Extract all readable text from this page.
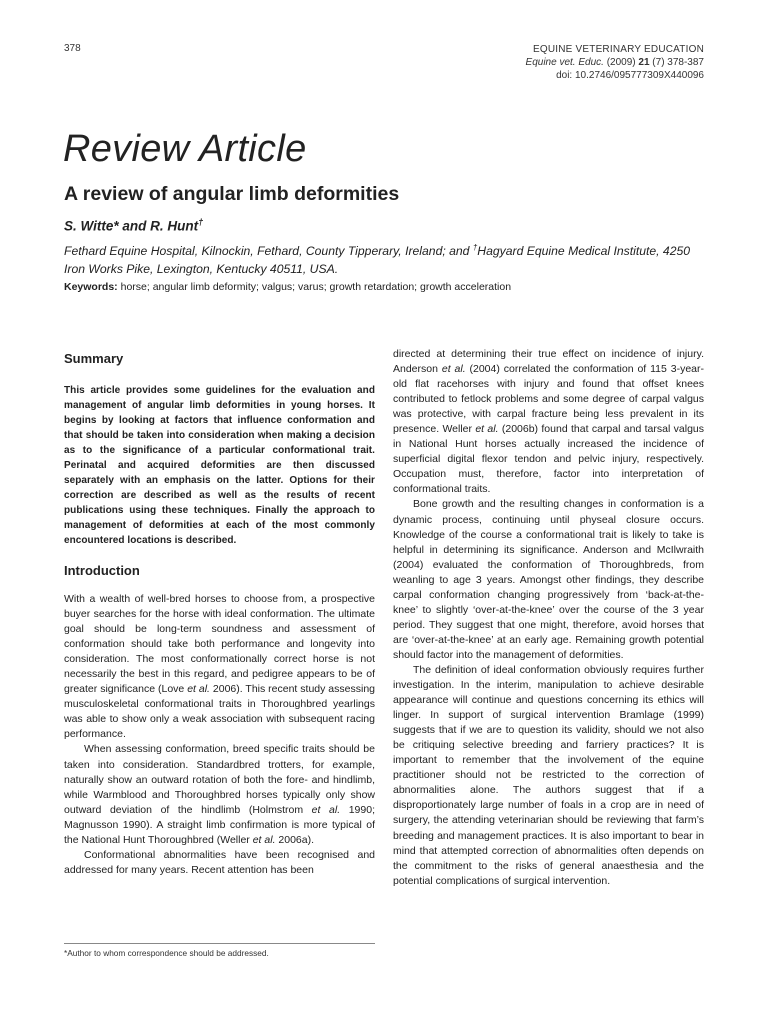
378	EQUINE VETERINARY EDUCATION
Equine vet. Educ. (2009) 21 (7) 378-387
doi: 10.2746/095777309X440096
Review Article
A review of angular limb deformities
S. Witte* and R. Hunt†
Fethard Equine Hospital, Kilnockin, Fethard, County Tipperary, Ireland; and †Hagyard Equine Medical Institute, 4250 Iron Works Pike, Lexington, Kentucky 40511, USA.
Keywords: horse; angular limb deformity; valgus; varus; growth retardation; growth acceleration
Summary

This article provides some guidelines for the evaluation and management of angular limb deformities in young horses. It begins by looking at factors that influence conformation and that should be taken into consideration when making a decision as to the significance of a particular conformational trait. Perinatal and acquired deformities are then discussed separately with an emphasis on the latter. Options for their correction are described as well as the results of recent publications using these techniques. Finally the approach to management of deformities at each of the most commonly encountered locations is described.

Introduction

With a wealth of well-bred horses to choose from, a prospective buyer searches for the horse with ideal conformation. The ultimate goal should be long-term soundness and assessment of conformation should take both performance and longevity into consideration. The most conformationally correct horse is not necessarily the best in this regard, and pedigree appears to be of greater significance (Love et al. 2006). This recent study assessing musculoskeletal conformational traits in Thoroughbred yearlings was able to show only a weak association with subsequent racing performance.

When assessing conformation, breed specific traits should be taken into consideration. Standardbred trotters, for example, naturally show an outward rotation of both the fore- and hindlimb, while Warmblood and Thoroughbred horses typically only show outward deviation of the hindlimb (Holmstrom et al. 1990; Magnusson 1990). A straight limb confirmation is more typical of the National Hunt Thoroughbred (Weller et al. 2006a).

Conformational abnormalities have been recognised and addressed for many years. Recent attention has been

directed at determining their true effect on incidence of injury. Anderson et al. (2004) correlated the conformation of 115 3-year-old flat racehorses with injury and found that offset knees contributed to fetlock problems and some degree of carpal valgus was protective, with carpal fracture being less prevalent in its presence. Weller et al. (2006b) found that carpal and tarsal valgus in National Hunt horses actually increased the incidence of superficial digital flexor tendon and pelvic injury, respectively. Occupation must, therefore, factor into interpretation of conformational traits.

Bone growth and the resulting changes in conformation is a dynamic process, continuing until physeal closure occurs. Knowledge of the course a conformational trait is likely to take is helpful in determining its significance. Anderson and McIlwraith (2004) evaluated the conformation of Thoroughbreds, from weanling to age 3 years. Amongst other findings, they describe carpal conformation changing progressively from ‘back-at-the-knee’ to slightly ‘over-at-the-knee’ over the course of the 3 year period. They suggest that one might, therefore, avoid horses that are ‘over-at-the-knee’ at an early age. Remaining growth potential should factor into the management of deformities.

The definition of ideal conformation obviously requires further investigation. In the interim, manipulation to achieve desirable appearance will continue and questions concerning its ethics will linger. In support of surgical intervention Bramlage (1999) suggests that if we are to question its validity, should we not also be critiquing selective breeding and farriery practices? It is important to remember that the involvement of the equine practitioner should not be restricted to the correction of abnormalities alone. The authors suggest that if a disproportionately large number of foals in a crop are in need of surgery, the attending veterinarian should be reviewing that farm’s breeding and management practices. It is also important to bear in mind that attempted correction of abnormalities often depends on the commitment to the risks of general anaesthesia and the potential complications of surgical intervention.

*Author to whom correspondence should be addressed.
